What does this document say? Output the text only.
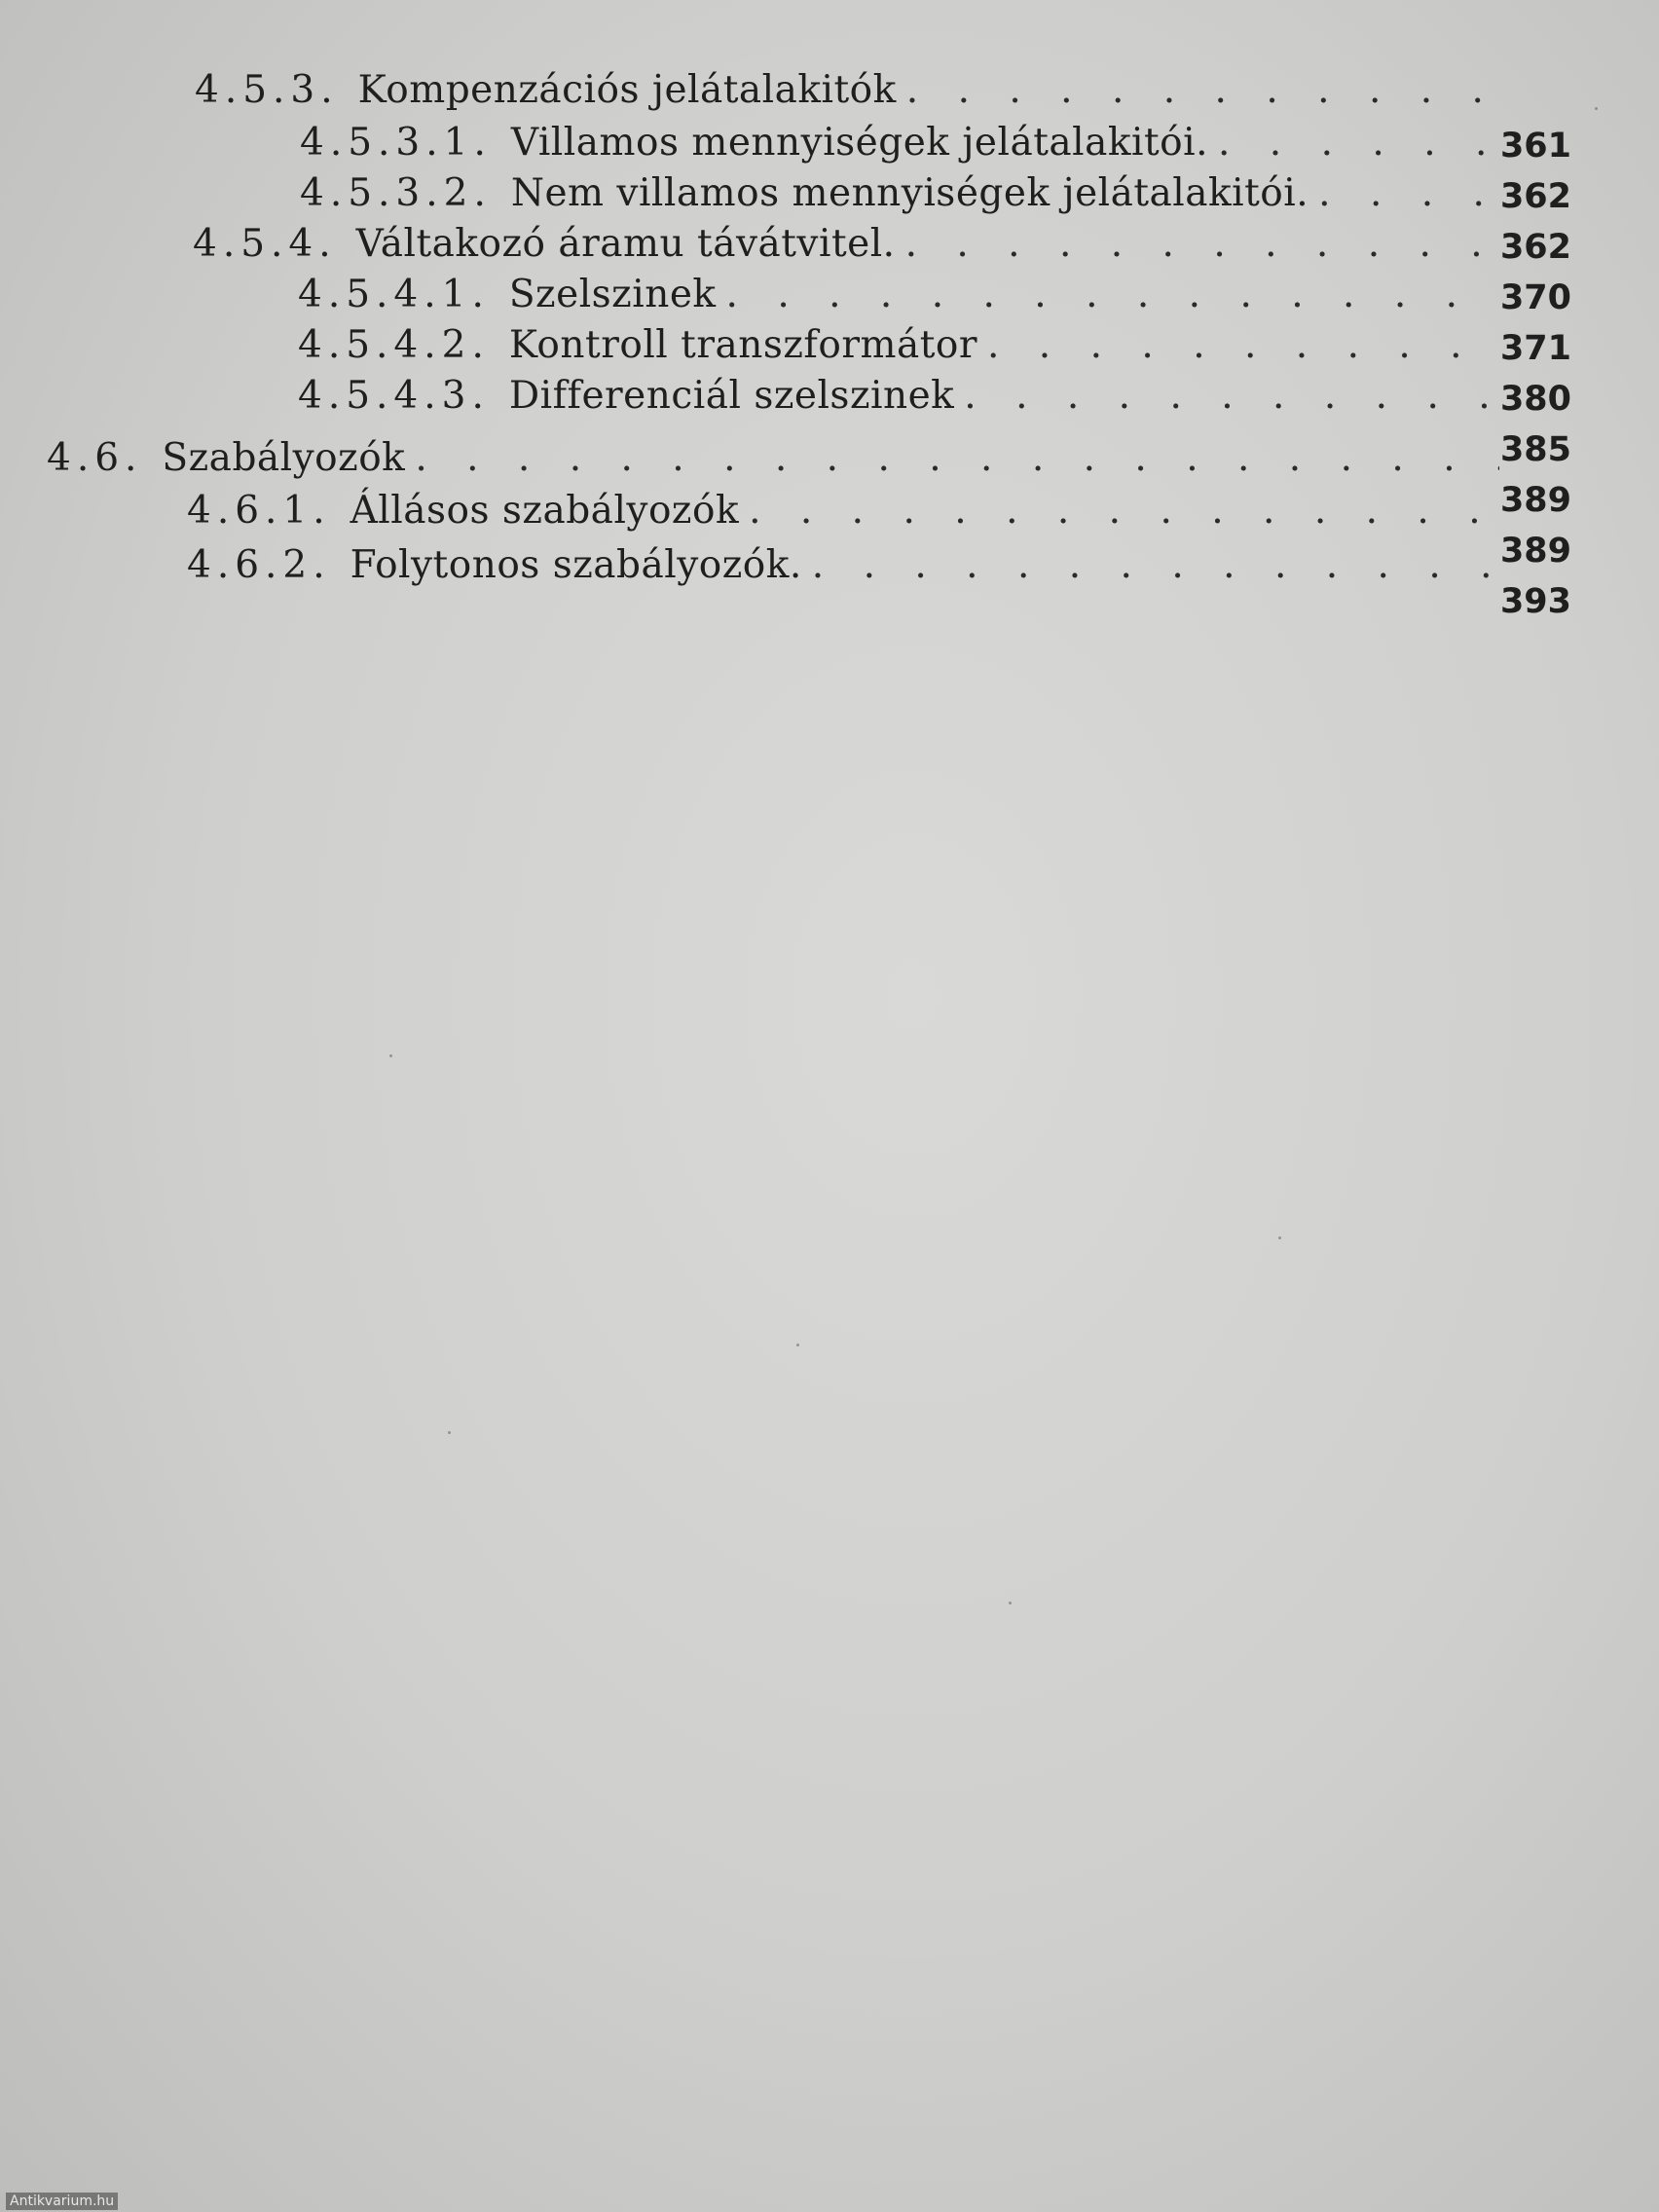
4.5.3. Kompenzációs jelátalakitók
. . .
4.5.3.1. Villamos mennyiségek jelátalakitói.
. . .
4.5.3.2. Nem villamos mennyiségek jelátalakitói.
. . .
4.5.4. Váltakozó áramu távátvitel.
. . .
4.5.4.1. Szelszinek
. . .
4.5.4.2. Kontroll transzformátor
. . .
4.5.4.3. Differenciál szelszinek
. . .
4.6. Szabályozók
. . .
4.6.1. Állásos szabályozók
. . .
4.6.2. Folytonos szabályozók.
. . .
361
362
362
370
371
380
385
389
389
393
Antikvarium.hu
